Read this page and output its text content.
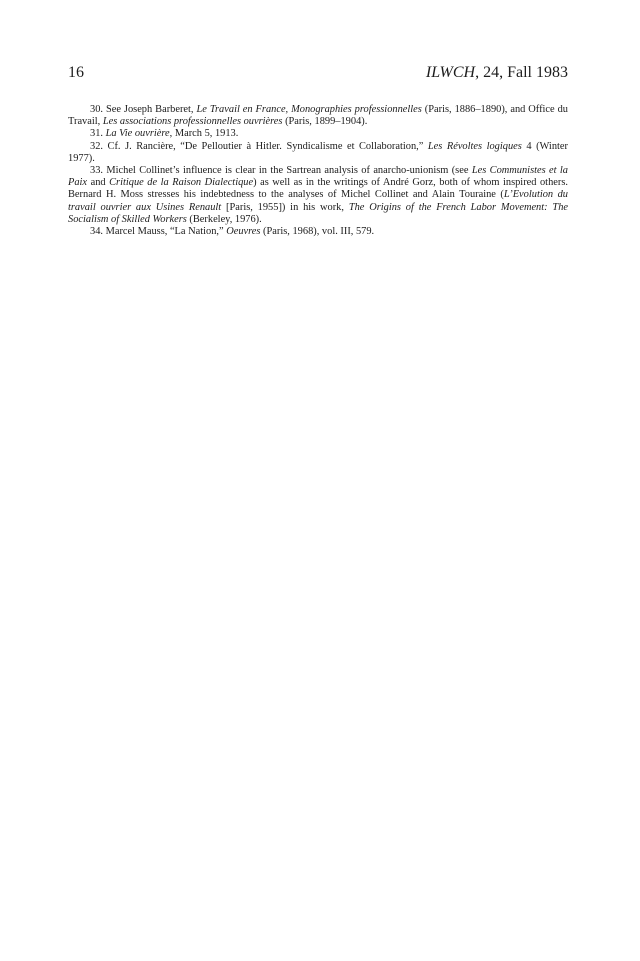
16	ILWCH, 24, Fall 1983

30. See Joseph Barberet, Le Travail en France, Monographies professionnelles (Paris, 1886–1890), and Office du Travail, Les associations professionnelles ouvrières (Paris, 1899–1904).

31. La Vie ouvrière, March 5, 1913.

32. Cf. J. Rancière, “De Pelloutier à Hitler. Syndicalisme et Collaboration,” Les Révoltes logiques 4 (Winter 1977).

33. Michel Collinet’s influence is clear in the Sartrean analysis of anarcho-unionism (see Les Communistes et la Paix and Critique de la Raison Dialectique) as well as in the writings of André Gorz, both of whom inspired others. Bernard H. Moss stresses his indebtedness to the analyses of Michel Collinet and Alain Touraine (L’Evolution du travail ouvrier aux Usines Renault [Paris, 1955]) in his work, The Origins of the French Labor Movement: The Socialism of Skilled Workers (Berkeley, 1976).

34. Marcel Mauss, “La Nation,” Oeuvres (Paris, 1968), vol. III, 579.
